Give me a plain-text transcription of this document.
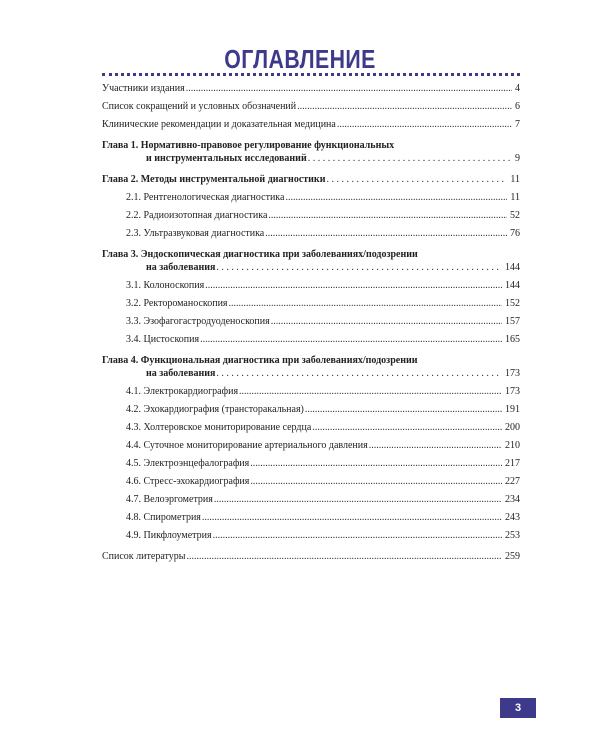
ОГЛАВЛЕНИЕ
Участники издания .....	4
Список сокращений и условных обозначений .....	6
Клинические рекомендации и доказательная медицина .....	7
Глава 1. Нормативно-правовое регулирование функциональных
и инструментальных исследований . . .	9
Глава 2. Методы инструментальной диагностики . . .	11
2.1. Рентгенологическая диагностика .....	11
2.2. Радиоизотопная диагностика .....	52
2.3. Ультразвуковая диагностика .....	76
Глава 3. Эндоскопическая диагностика при заболеваниях/подозрении
на заболевания . . .	144
3.1. Колоноскопия .....	144
3.2. Ректороманоскопия .....	152
3.3. Эзофагогастродуоденоскопия .....	157
3.4. Цистоскопия .....	165
Глава 4. Функциональная диагностика при заболеваниях/подозрении
на заболевания . . .	173
4.1. Электрокардиография .....	173
4.2. Эхокардиография (трансторакальная) .....	191
4.3. Холтеровское мониторирование сердца .....	200
4.4. Суточное мониторирование артериального давления .....	210
4.5. Электроэнцефалография .....	217
4.6. Стресс-эхокардиография .....	227
4.7. Велоэргометрия .....	234
4.8. Спирометрия .....	243
4.9. Пикфлоуметрия .....	253
Список литературы .....	259
3
